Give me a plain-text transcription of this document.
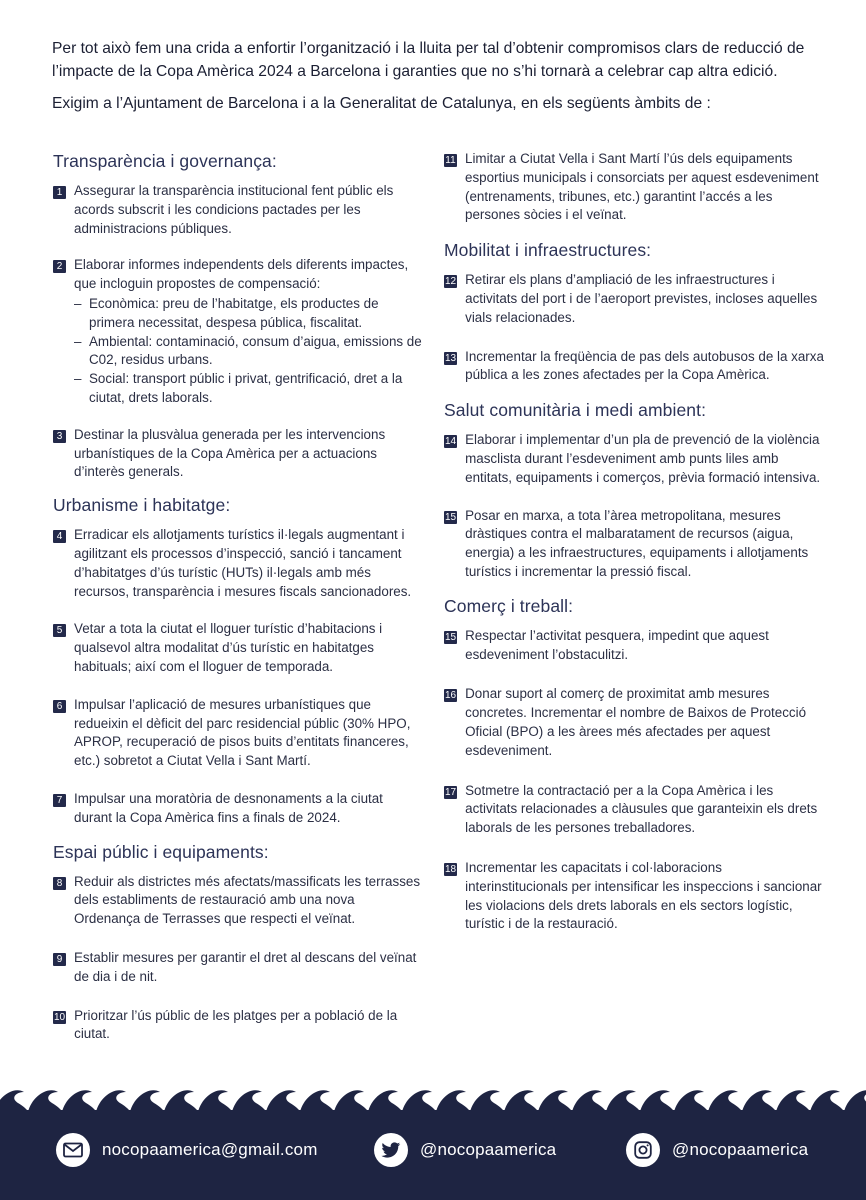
Per tot això fem una crida a enfortir l’organització i la lluita per tal d’obtenir compromisos clars de reducció de l’impacte de la Copa Amèrica 2024 a Barcelona i garanties que no s’hi tornarà a celebrar cap altra edició.

Exigim a l’Ajuntament de Barcelona i a la Generalitat de Catalunya, en els següents àmbits de :

Transparència i governança:
1 Assegurar la transparència institucional fent públic els acords subscrit i les condicions pactades per les administracions públiques.

2 Elaborar informes independents dels diferents impactes, que incloguin propostes de compensació:

– Econòmica: preu de l’habitatge, els productes de primera necessitat, despesa pública, fiscalitat.
– Ambiental: contaminació, consum d’aigua, emissions de C02, residus urbans.
– Social: transport públic i privat, gentrificació, dret a la ciutat, drets laborals.
3 Destinar la plusvàlua generada per les intervencions urbanístiques de la Copa Amèrica per a actuacions d’interès generals.

Urbanisme i habitatge:
4 Erradicar els allotjaments turístics il·legals augmentant i agilitzant els processos d’inspecció, sanció i tancament d’habitatges d’ús turístic (HUTs) il·legals amb més recursos, transparència i mesures fiscals sancionadores.

5 Vetar a tota la ciutat el lloguer turístic d’habitacions i qualsevol altra modalitat d’ús turístic en habitatges habituals; així com el lloguer de temporada.

6 Impulsar l’aplicació de mesures urbanístiques que redueixin el dèficit del parc residencial públic (30% HPO, APROP, recuperació de pisos buits d’entitats financeres, etc.) sobretot a Ciutat Vella i Sant Martí.

7 Impulsar una moratòria de desnonaments a la ciutat durant la Copa Amèrica fins a finals de 2024.

Espai públic i equipaments:
8 Reduir als districtes més afectats/massificats les terrasses dels establiments de restauració amb una nova Ordenança de Terrasses que respecti el veïnat.

9 Establir mesures per garantir el dret al descans del veïnat de dia i de nit.

10 Prioritzar l’ús públic de les platges per a població de la ciutat.

11 Limitar a Ciutat Vella i Sant Martí l’ús dels equipaments esportius municipals i consorciats per aquest esdeveniment (entrenaments, tribunes, etc.) garantint l’accés a les persones sòcies i el veïnat.

Mobilitat i infraestructures:
12 Retirar els plans d’ampliació de les infraestructures i activitats del port i de l’aeroport previstes, incloses aquelles vials relacionades.

13 Incrementar la freqüència de pas dels autobusos de la xarxa pública a les zones afectades per la Copa Amèrica.

Salut comunitària i medi ambient:
14 Elaborar i implementar d’un pla de prevenció de la violència masclista durant l’esdeveniment amb punts liles amb entitats, equipaments i comerços, prèvia formació intensiva.

15 Posar en marxa, a tota l’àrea metropolitana, mesures dràstiques contra el malbaratament de recursos (aigua, energia) a les infraestructures, equipaments i allotjaments turístics i incrementar la pressió fiscal.

Comerç i treball:
15 Respectar l’activitat pesquera, impedint que aquest esdeveniment l’obstaculitzi.

16 Donar suport al comerç de proximitat amb mesures concretes. Incrementar el nombre de Baixos de Protecció Oficial (BPO) a les àrees més afectades per aquest esdeveniment.

17 Sotmetre la contractació per a la Copa Amèrica i les activitats relacionades a clàusules que garanteixin els drets laborals de les persones treballadores.

18 Incrementar les capacitats i col·laboracions interinstitucionals per intensificar les inspeccions i sancionar les violacions dels drets laborals en els sectors logístic, turístic i de la restauració.

nocopaamerica@gmail.com	@nocopaamerica	@nocopaamerica
